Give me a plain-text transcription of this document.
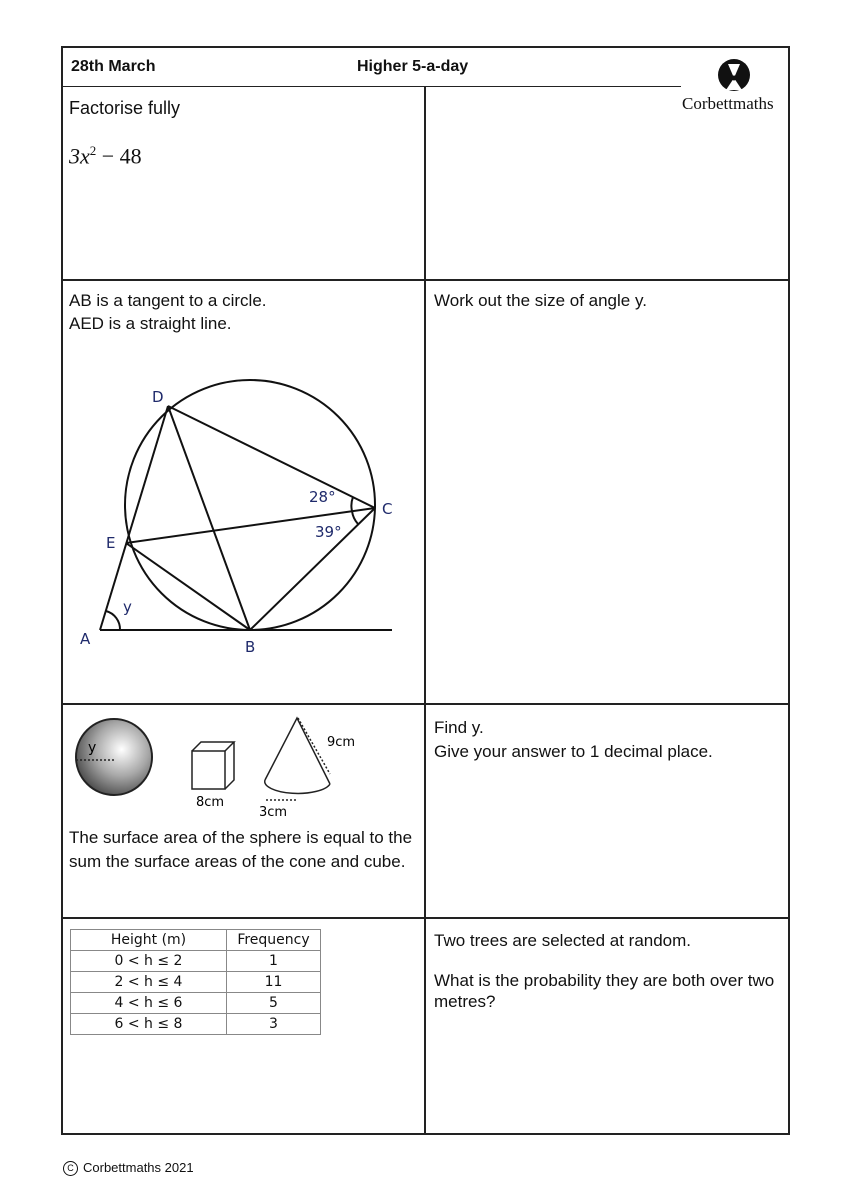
28th March	Higher 5-a-day
Corbettmaths
Factorise fully
$3x^2 - 48$
AB is a tangent to a circle.
AED is a straight line.
Work out the size of angle y.
D
C
E
A	B
y
28°
39°
y
8cm
9cm
3cm
The surface area of the sphere is equal to the sum the surface areas of the cone and cube.
Find y.
Give your answer to 1 decimal place.
Height (m)	Frequency
0 < h ≤ 2	1
2 < h ≤ 4	11
4 < h ≤ 6	5
6 < h ≤ 8	3
Two trees are selected at random.
What is the probability they are both over two metres?
C Corbettmaths 2021
